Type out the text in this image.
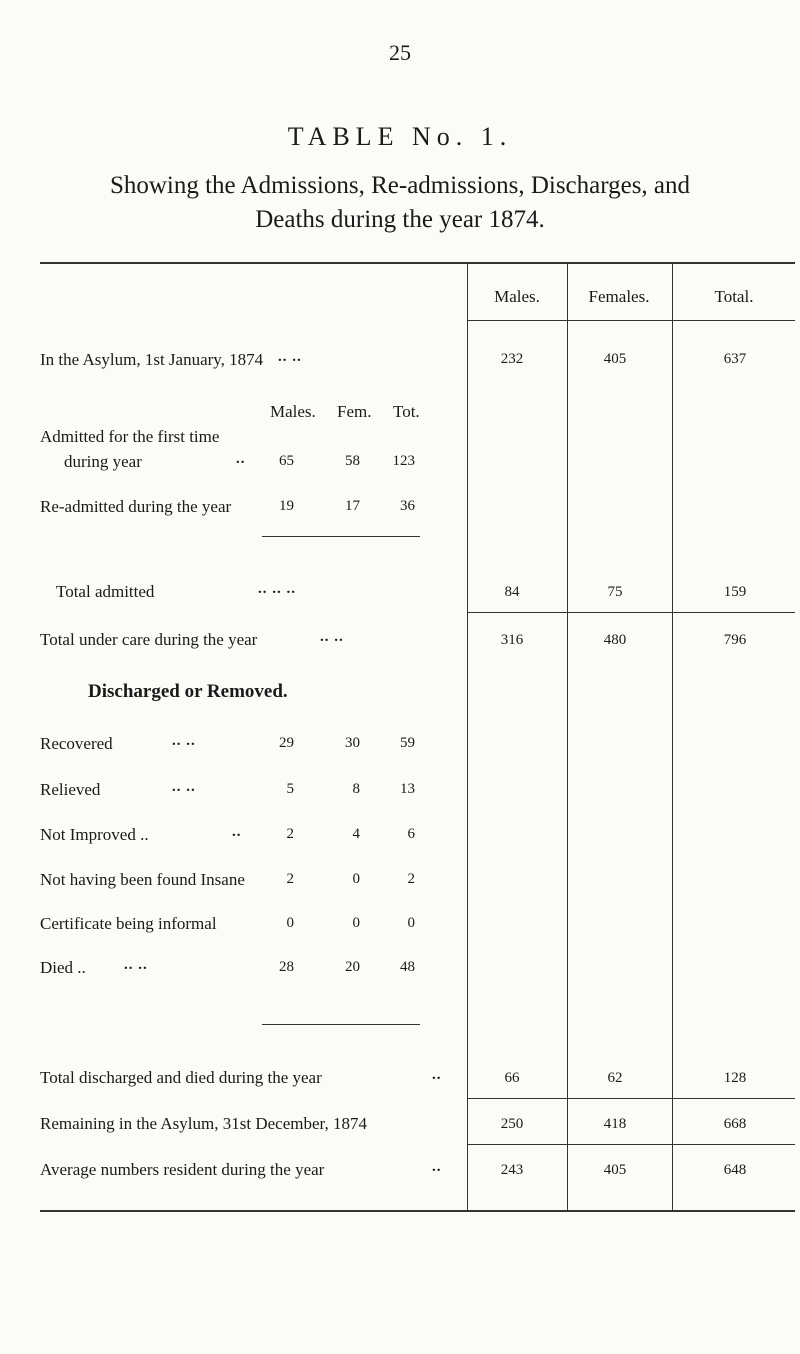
25
TABLE No. 1.
Showing the Admissions, Re-admissions, Discharges, and
Deaths during the year 1874.
Males.	Females.	Total.
In the Asylum, 1st January, 1874 .. ..	232	405	637
Males. Fem. Tot.
Admitted for the first time
during year	..	65	58	123
Re-admitted during the year	19	17	36
Total admitted	.. .. ..	84	75	159
Total under care during the year	.. ..	316	480	796
Discharged or Removed.
Recovered	.. ..	29	30	59
Relieved	.. ..	5	8	13
Not Improved ..	..	2	4	6
Not having been found Insane	2	0	2
Certificate being informal	0	0	0
Died ..	.. ..	28	20	48
Total discharged and died during the year	..	66	62	128
Remaining in the Asylum, 31st December, 1874	250	418	668
Average numbers resident during the year	..	243	405	648
